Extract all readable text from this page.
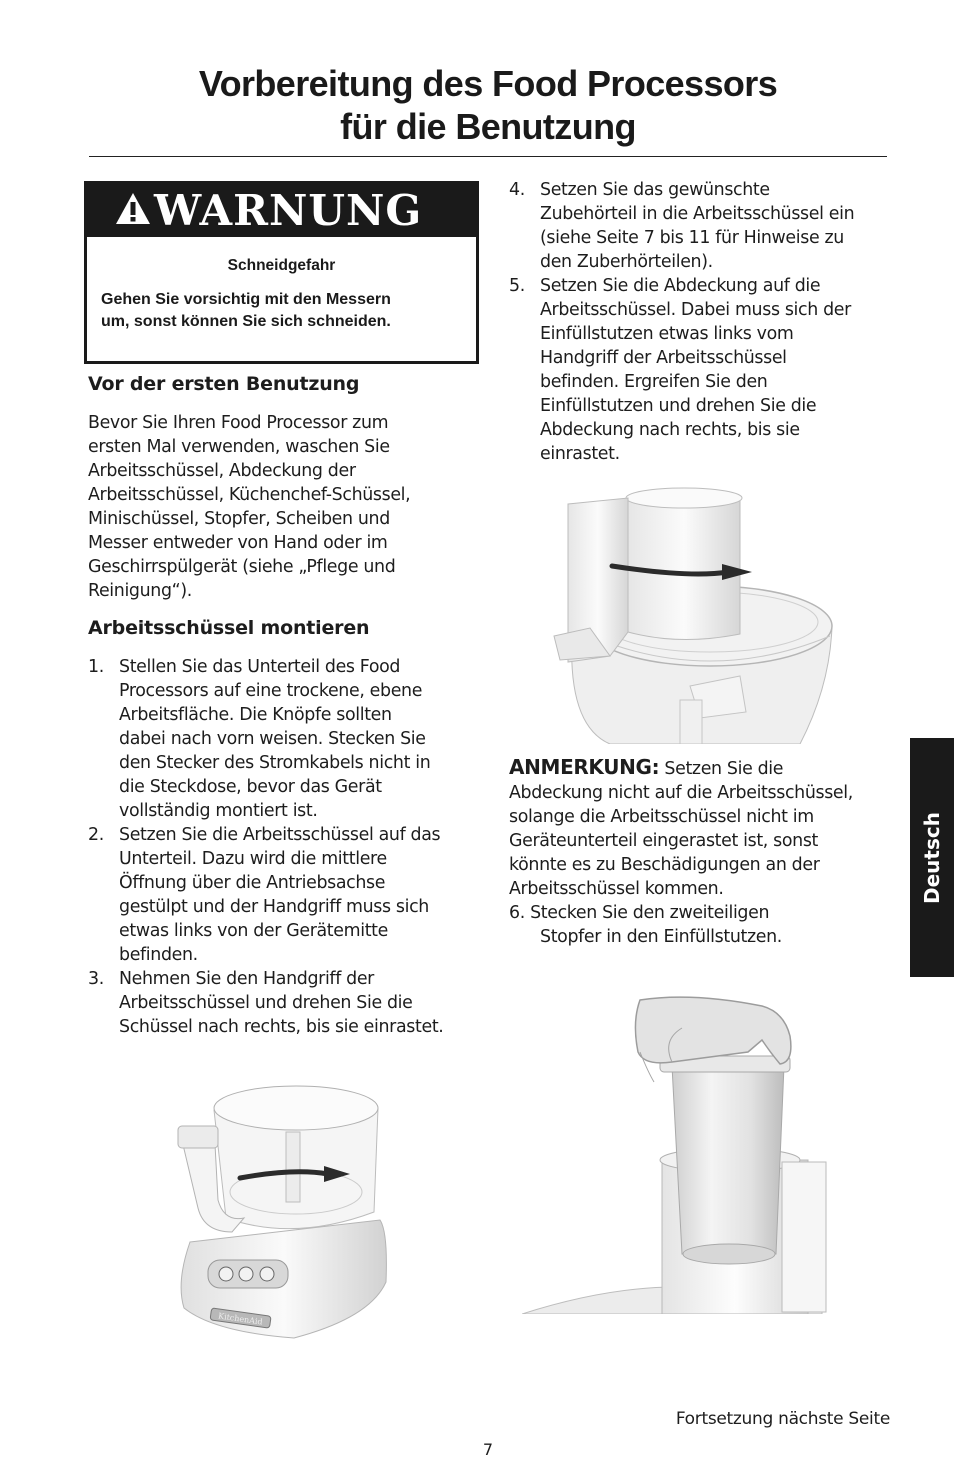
Vorbereitung des Food Processors
für die Benutzung
WARNUNG
Schneidgefahr
Gehen Sie vorsichtig mit den Messern
um, sonst können Sie sich schneiden.
Vor der ersten Benutzung
Bevor Sie Ihren Food Processor zum
ersten Mal verwenden, waschen Sie
Arbeitsschüssel, Abdeckung der
Arbeitsschüssel, Küchenchef-Schüssel,
Minischüssel, Stopfer, Scheiben und
Messer entweder von Hand oder im
Geschirrspülgerät (siehe „Pflege und
Reinigung“).
Arbeitsschüssel montieren
1. Stellen Sie das Unterteil des Food
Processors auf eine trockene, ebene
Arbeitsfläche. Die Knöpfe sollten
dabei nach vorn weisen. Stecken Sie
den Stecker des Stromkabels nicht in
die Steckdose, bevor das Gerät
vollständig montiert ist.
2. Setzen Sie die Arbeitsschüssel auf das
Unterteil. Dazu wird die mittlere
Öffnung über die Antriebsachse
gestülpt und der Handgriff muss sich
etwas links von der Gerätemitte
befinden.
3. Nehmen Sie den Handgriff der
Arbeitsschüssel und drehen Sie die
Schüssel nach rechts, bis sie einrastet.
4. Setzen Sie das gewünschte
Zubehörteil in die Arbeitsschüssel ein
(siehe Seite 7 bis 11 für Hinweise zu
den Zuberhörteilen).
5. Setzen Sie die Abdeckung auf die
Arbeitsschüssel. Dabei muss sich der
Einfüllstutzen etwas links vom
Handgriff der Arbeitsschüssel
befinden. Ergreifen Sie den
Einfüllstutzen und drehen Sie die
Abdeckung nach rechts, bis sie
einrastet.
ANMERKUNG: Setzen Sie die
Abdeckung nicht auf die Arbeitsschüssel,
solange die Arbeitsschüssel nicht im
Geräteunterteil eingerastet ist, sonst
könnte es zu Beschädigungen an der
Arbeitsschüssel kommen.
6. Stecken Sie den zweiteiligen
Stopfer in den Einfüllstutzen.
Deutsch
KitchenAid
Fortsetzung nächste Seite
7
